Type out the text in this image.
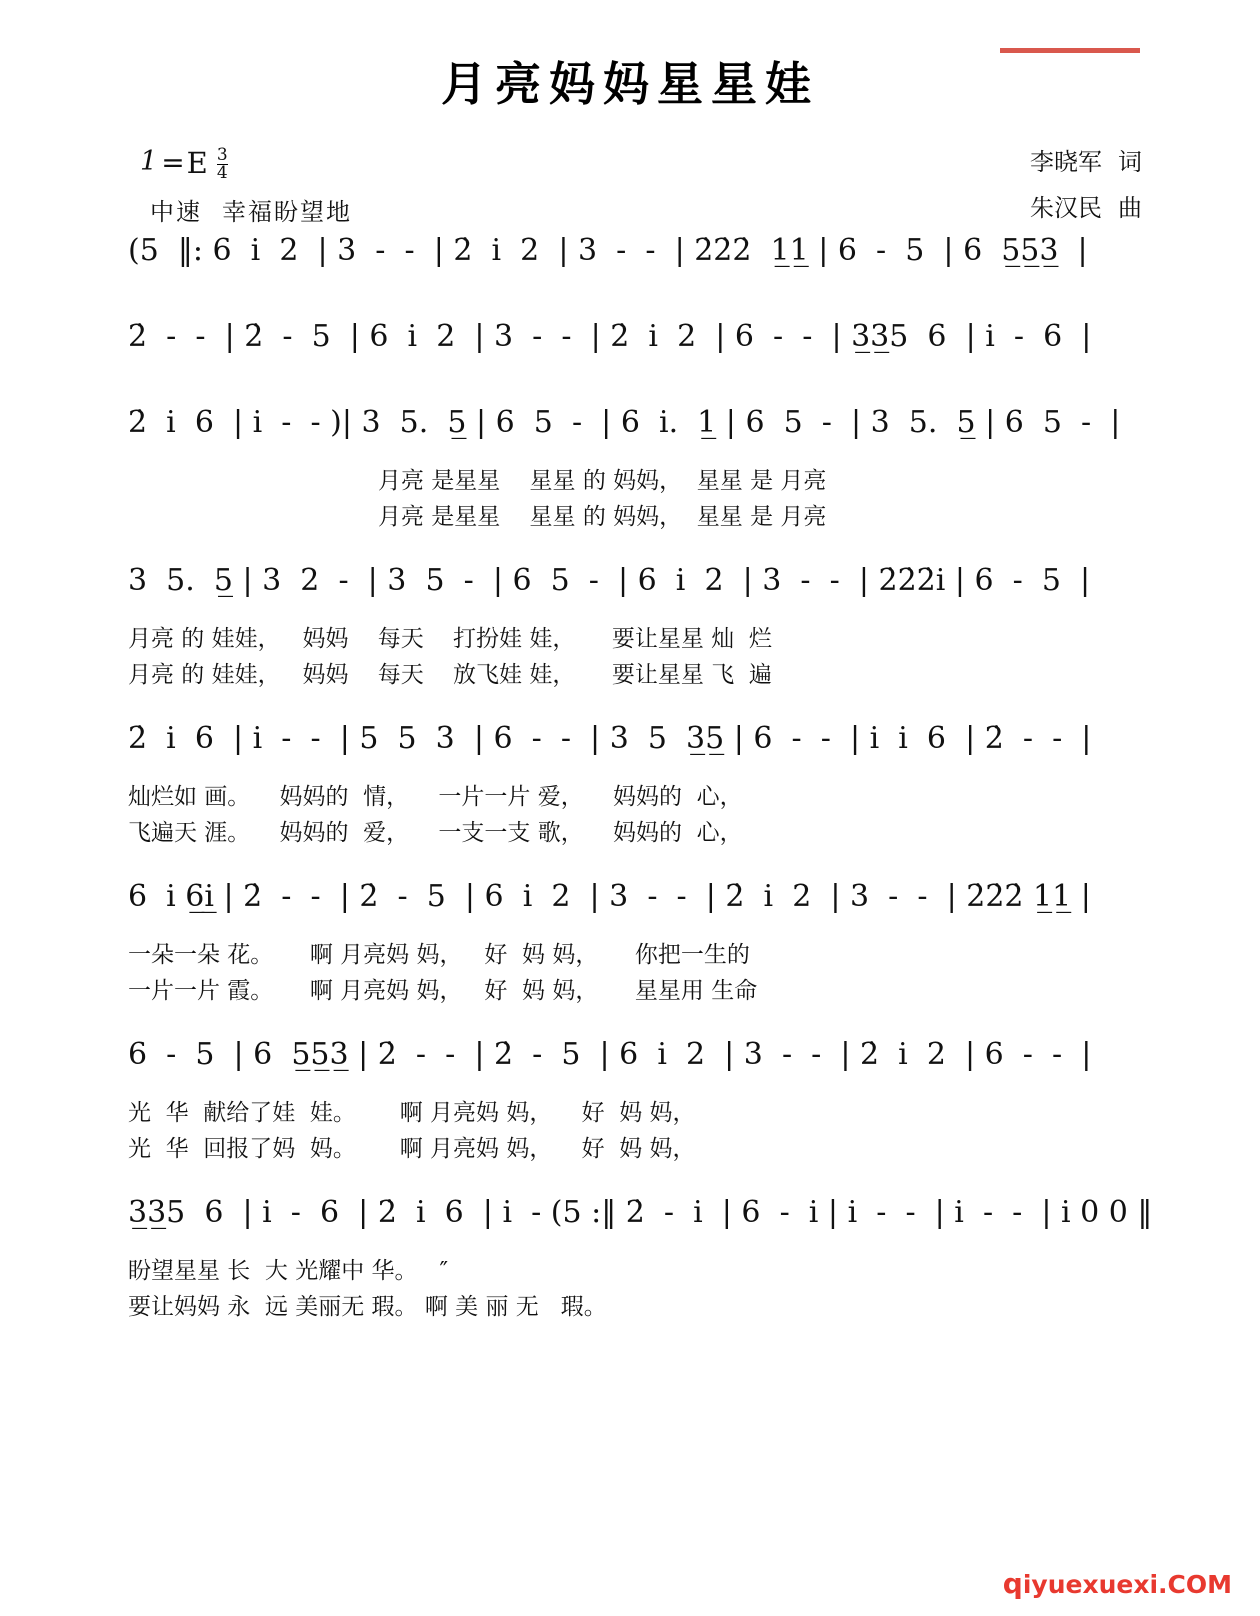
月亮妈妈星星娃
1 = E $\frac{3}{4}$
中速 幸福盼望地
李晓军 词
朱汉民 曲
(5  ‖: 6  i  2  | 3  -  -  | 2̇  i  2  | 3  -  -  | 2̇2̇2̇  1̲1̲ | 6  -  5  | 6  5̲5̲3̲  |
2̇  -  -  | 2̇  -  5  | 6  i  2  | 3  -  -  | 2̇  i  2  | 6  -  -  | 3̲3̲5  6  | i  -  6  |
2̇  i  6  | i  -  - )| 3  5.  5̲ | 6  5  -  | 6  i.  1̲ | 6  5  -  | 3  5.  5̲ | 6  5  -  |
月亮 是星星    星星 的 妈妈，  星星 是 月亮
月亮 是星星    星星 的 妈妈，  星星 是 月亮
3  5.  5̲ | 3  2  -  | 3  5  -  | 6  5  -  | 6  i  2  | 3  -  -  | 2̇2̇2̇i | 6  -  5  |
月亮 的 娃娃，   妈妈    每天    打扮娃 娃，     要让星星 灿  烂
月亮 的 娃娃，   妈妈    每天    放飞娃 娃，     要让星星 飞  遍
2̇  i  6  | i  -  -  | 5  5  3  | 6  -  -  | 3  5  3̲5̲ | 6  -  -  | i  i  6  | 2̇  -  -  |
灿烂如 画。    妈妈的  情，    一片一片 爱，    妈妈的  心，
飞遍天 涯。    妈妈的  爱，    一支一支 歌，    妈妈的  心，
6  i 6̲i̲ | 2̇  -  -  | 2̇  -  5  | 6  i  2  | 3  -  -  | 2̇  i  2  | 3  -  -  | 2̇2̇2̇ 1̲1̲ |
一朵一朵 花。     啊 月亮妈 妈，   好  妈 妈，     你把一生的
一片一片 霞。     啊 月亮妈 妈，   好  妈 妈，     星星用 生命
6  -  5  | 6  5̲5̲3̲ | 2̇  -  -  | 2̇  -  5  | 6  i  2  | 3  -  -  | 2̇  i  2  | 6  -  -  |
光  华  献给了娃  娃。      啊 月亮妈 妈，    好  妈 妈，
光  华  回报了妈  妈。      啊 月亮妈 妈，    好  妈 妈，
3̲3̲5  6  | i  -  6  | 2̇  i  6  | i  - (5 :‖ 2̇  -  i  | 6  -  i | i  -  -  | i  -  -  | i 0 0 ‖
盼望星星 长  大 光耀中 华。   ″
要让妈妈 永  远 美丽无 瑕。 啊 美 丽 无   瑕。
qiyuexuexi.COM
